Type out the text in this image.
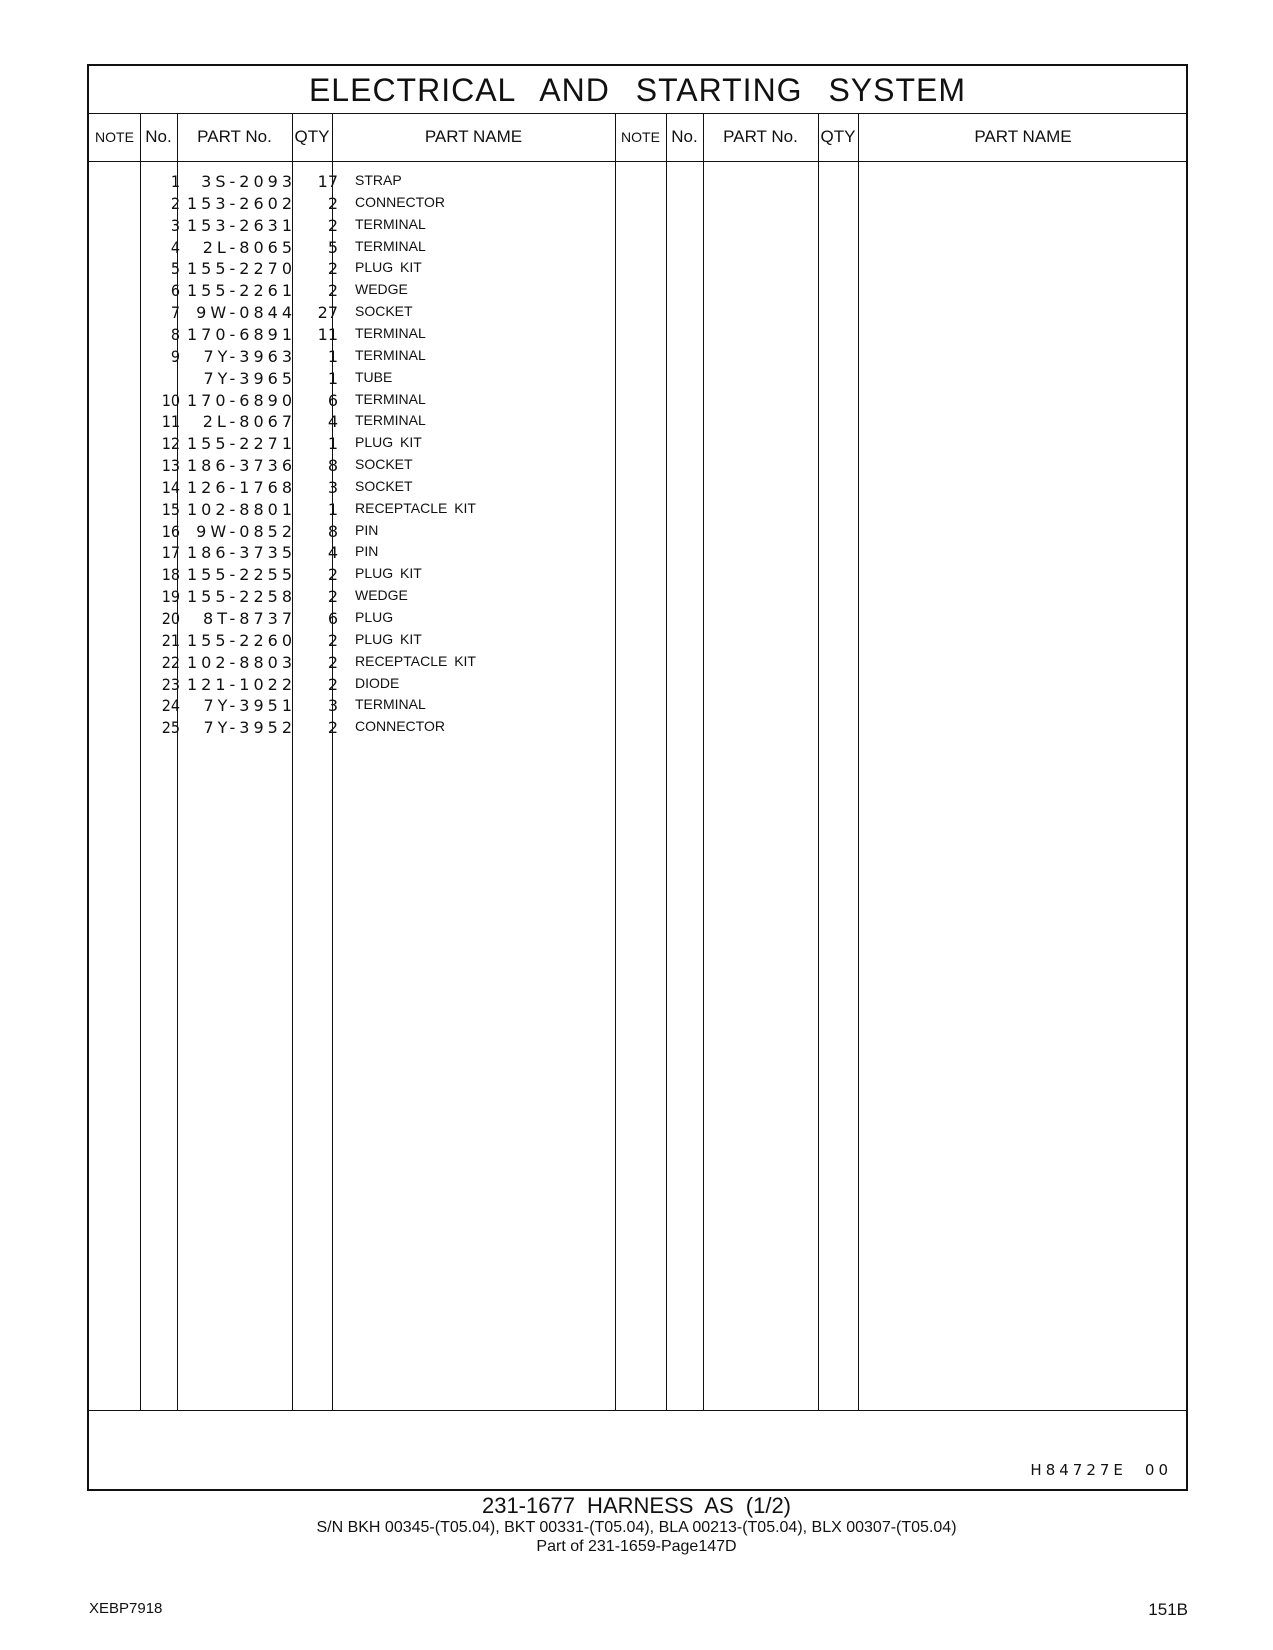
ELECTRICAL AND STARTING SYSTEM
NOTE No.	PART No.	QTY	PART NAME	NOTE No.	PART No.	QTY	PART NAME
1	3S-2093	17 STRAP
2 153-2602	2 CONNECTOR
3 153-2631	2 TERMINAL
4	2L-8065	5 TERMINAL
5 155-2270	2 PLUG KIT
6 155-2261	2 WEDGE
7	9W-0844	27 SOCKET
8 170-6891	11 TERMINAL
9	7Y-3963	1 TERMINAL
7Y-3965	1 TUBE
10 170-6890	6 TERMINAL
11	2L-8067	4 TERMINAL
12 155-2271	1 PLUG KIT
13 186-3736	8 SOCKET
14 126-1768	3 SOCKET
15 102-8801	1 RECEPTACLE KIT
16	9W-0852	8 PIN
17 186-3735	4 PIN
18 155-2255	2 PLUG KIT
19 155-2258	2 WEDGE
20	8T-8737	6 PLUG
21 155-2260	2 PLUG KIT
22 102-8803	2 RECEPTACLE KIT
23 121-1022	2 DIODE
24	7Y-3951	3 TERMINAL
25	7Y-3952	2 CONNECTOR
H84727E 00
231-1677 HARNESS AS (1/2)
S/N BKH 00345-(T05.04), BKT 00331-(T05.04), BLA 00213-(T05.04), BLX 00307-(T05.04)
Part of 231-1659-Page147D
XEBP7918	151B
